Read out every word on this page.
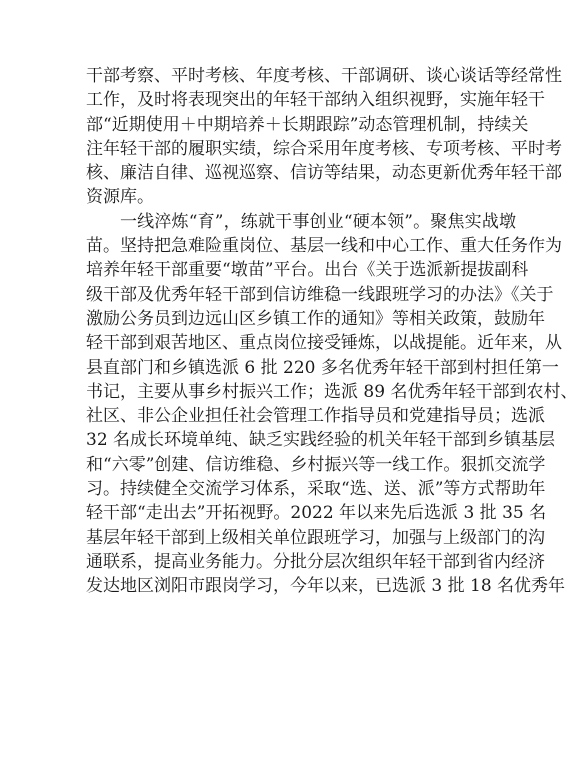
干部考察、平时考核、年度考核、干部调研、谈心谈话等经常性
工作，及时将表现突出的年轻干部纳入组织视野，实施年轻干
部“近期使用＋中期培养＋长期跟踪”动态管理机制，持续关
注年轻干部的履职实绩，综合采用年度考核、专项考核、平时考
核、廉洁自律、巡视巡察、信访等结果，动态更新优秀年轻干部
资源库。
一线淬炼“育”，练就干事创业“硬本领”。聚焦实战墩
苗。坚持把急难险重岗位、基层一线和中心工作、重大任务作为
培养年轻干部重要“墩苗”平台。出台《关于选派新提拔副科
级干部及优秀年轻干部到信访维稳一线跟班学习的办法》《关于
激励公务员到边远山区乡镇工作的通知》等相关政策，鼓励年
轻干部到艰苦地区、重点岗位接受锤炼，以战提能。近年来，从
县直部门和乡镇选派 6 批 220 多名优秀年轻干部到村担任第一
书记，主要从事乡村振兴工作；选派 89 名优秀年轻干部到农村、
社区、非公企业担任社会管理工作指导员和党建指导员；选派
32 名成长环境单纯、缺乏实践经验的机关年轻干部到乡镇基层
和“六零”创建、信访维稳、乡村振兴等一线工作。狠抓交流学
习。持续健全交流学习体系，采取“选、送、派”等方式帮助年
轻干部“走出去”开拓视野。2022 年以来先后选派 3 批 35 名
基层年轻干部到上级相关单位跟班学习，加强与上级部门的沟
通联系，提高业务能力。分批分层次组织年轻干部到省内经济
发达地区浏阳市跟岗学习，今年以来，已选派 3 批 18 名优秀年
